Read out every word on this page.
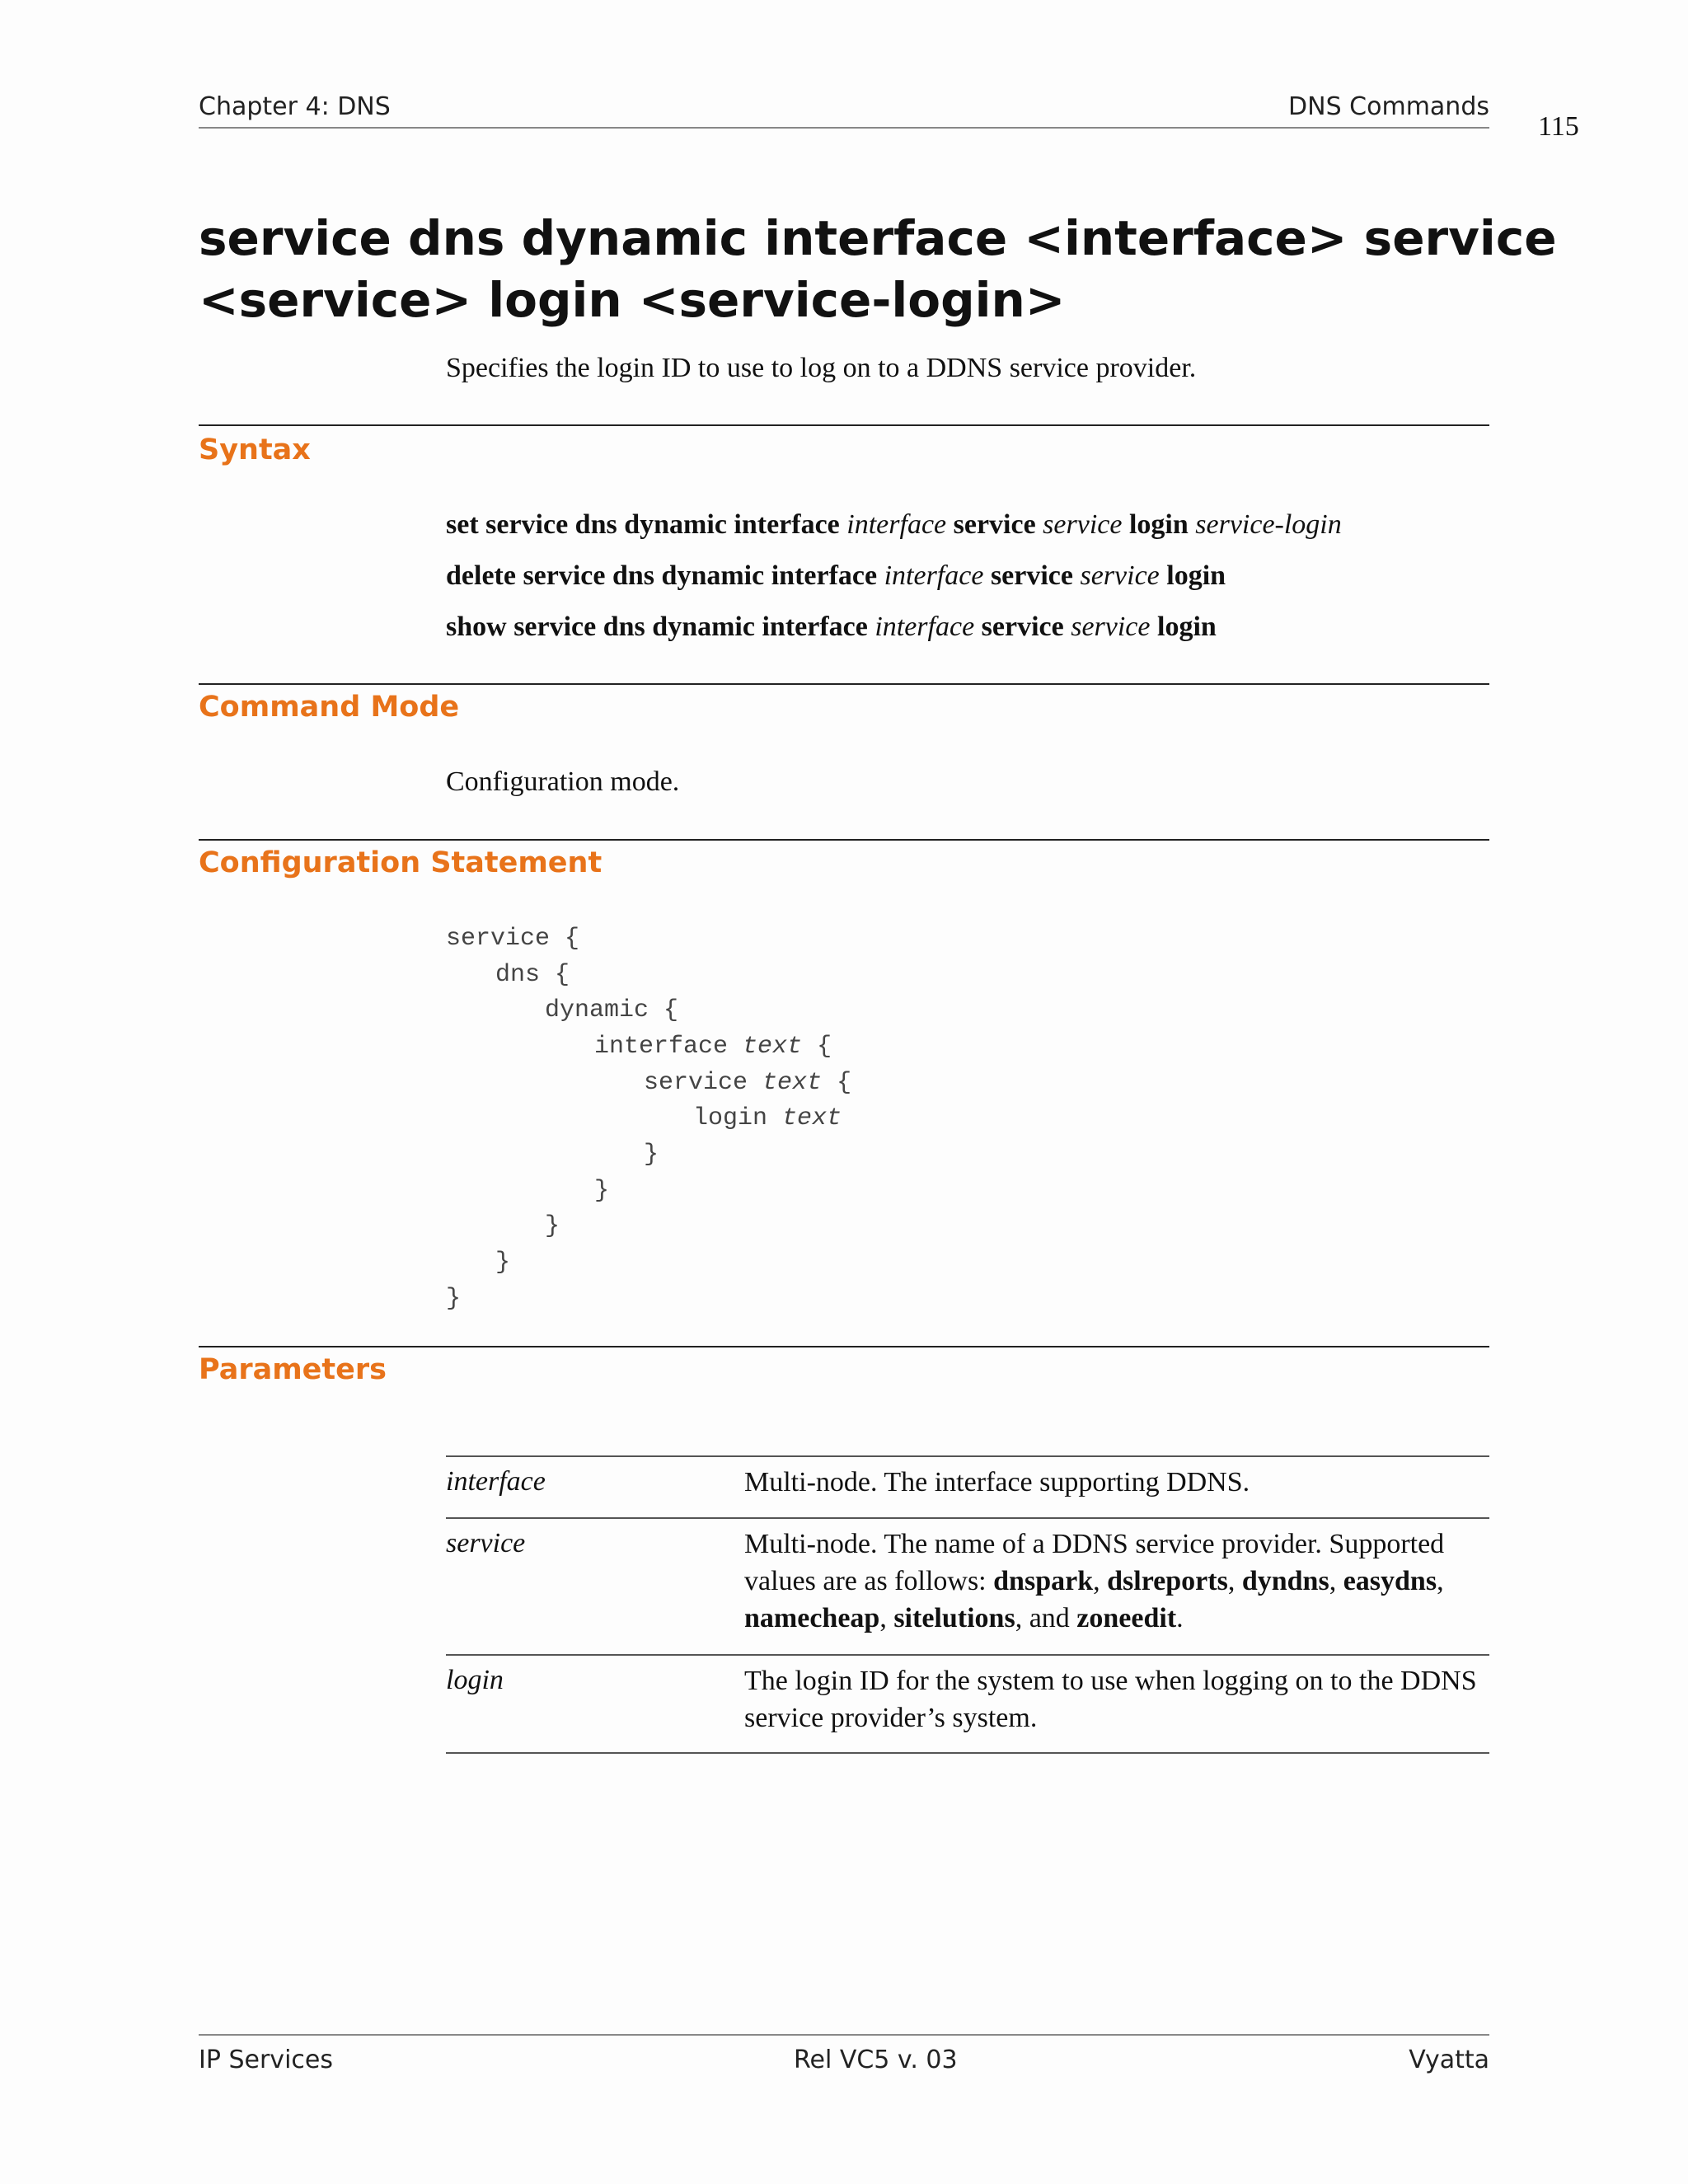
Chapter 4: DNS	DNS Commands
115
service dns dynamic interface <interface> service
<service> login <service-login>
Specifies the login ID to use to log on to a DDNS service provider.
Syntax
set service dns dynamic interface interface service service login service-login
delete service dns dynamic interface interface service service login
show service dns dynamic interface interface service service login
Command Mode
Configuration mode.
Configuration Statement
service {
dns {
dynamic {
interface text {
service text {
login text
}
}
}
}
}
Parameters
interface	Multi-node. The interface supporting DDNS.
service	Multi-node. The name of a DDNS service provider. Supported values are as follows: dnspark, dslreports, dyndns, easydns, namecheap, sitelutions, and zoneedit.
login	The login ID for the system to use when logging on to the DDNS service provider’s system.
IP Services	Rel VC5 v. 03	Vyatta
